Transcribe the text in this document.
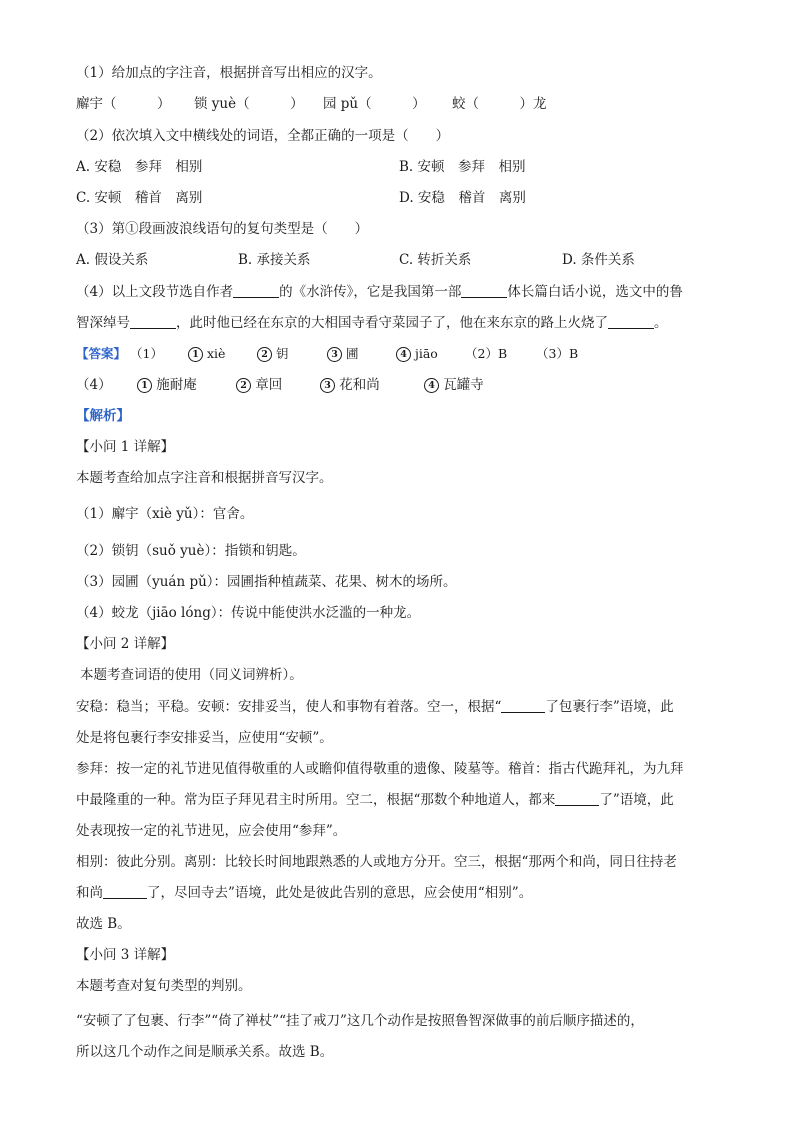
（1）给加点的字注音，根据拼音写出相应的汉字。
廨宇（　　　） 锁 yuè（　　　） 园 pǔ（　　　） 蛟（　　　）龙
（2）依次填入文中横线处的词语，全都正确的一项是（　　）
A. 安稳　参拜　相别	B. 安顿　参拜　相别
C. 安顿　稽首　离别	D. 安稳　稽首　离别
（3）第①段画波浪线语句的复句类型是（　　）
A. 假设关系	B. 承接关系	C. 转折关系	D. 条件关系
（4）以上文段节选自作者	的《水浒传》，它是我国第一部	体长篇白话小说，选文中的鲁
智深绰号	，此时他已经在东京的大相国寺看守菜园子了，他在来东京的路上火烧了	。
【答案】 （1）	1 xiè	2 钥	3 圃	4 jiāo （2）B （3）B
（4）	1 施耐庵	2 章回	3 花和尚	4 瓦罐寺
【解析】
【小问 1 详解】
本题考查给加点字注音和根据拼音写汉字。
（1）廨宇（xiè yǔ）：官舍。
（2）锁钥（suǒ yuè）：指锁和钥匙。
（3）园圃（yuán pǔ）：园圃指种植蔬菜、花果、树木的场所。
（4）蛟龙（jiāo lóng）：传说中能使洪水泛滥的一种龙。
【小问 2 详解】
本题考查词语的使用（同义词辨析）。
安稳：稳当；平稳。安顿：安排妥当，使人和事物有着落。空一，根据“	了包裹行李”语境，此
处是将包裹行李安排妥当，应使用“安顿”。
参拜：按一定的礼节进见值得敬重的人或瞻仰值得敬重的遗像、陵墓等。稽首：指古代跪拜礼，为九拜
中最隆重的一种。常为臣子拜见君主时所用。空二，根据“那数个种地道人，都来	了”语境，此
处表现按一定的礼节进见，应会使用“参拜”。
相别：彼此分别。离别：比较长时间地跟熟悉的人或地方分开。空三，根据“那两个和尚，同日往持老
和尚	了，尽回寺去”语境，此处是彼此告别的意思，应会使用“相别”。
故选 B。
【小问 3 详解】
本题考查对复句类型的判别。
“安顿了了包裹、行李”“倚了禅杖”“挂了戒刀”这几个动作是按照鲁智深做事的前后顺序描述的，
所以这几个动作之间是顺承关系。故选 B。
